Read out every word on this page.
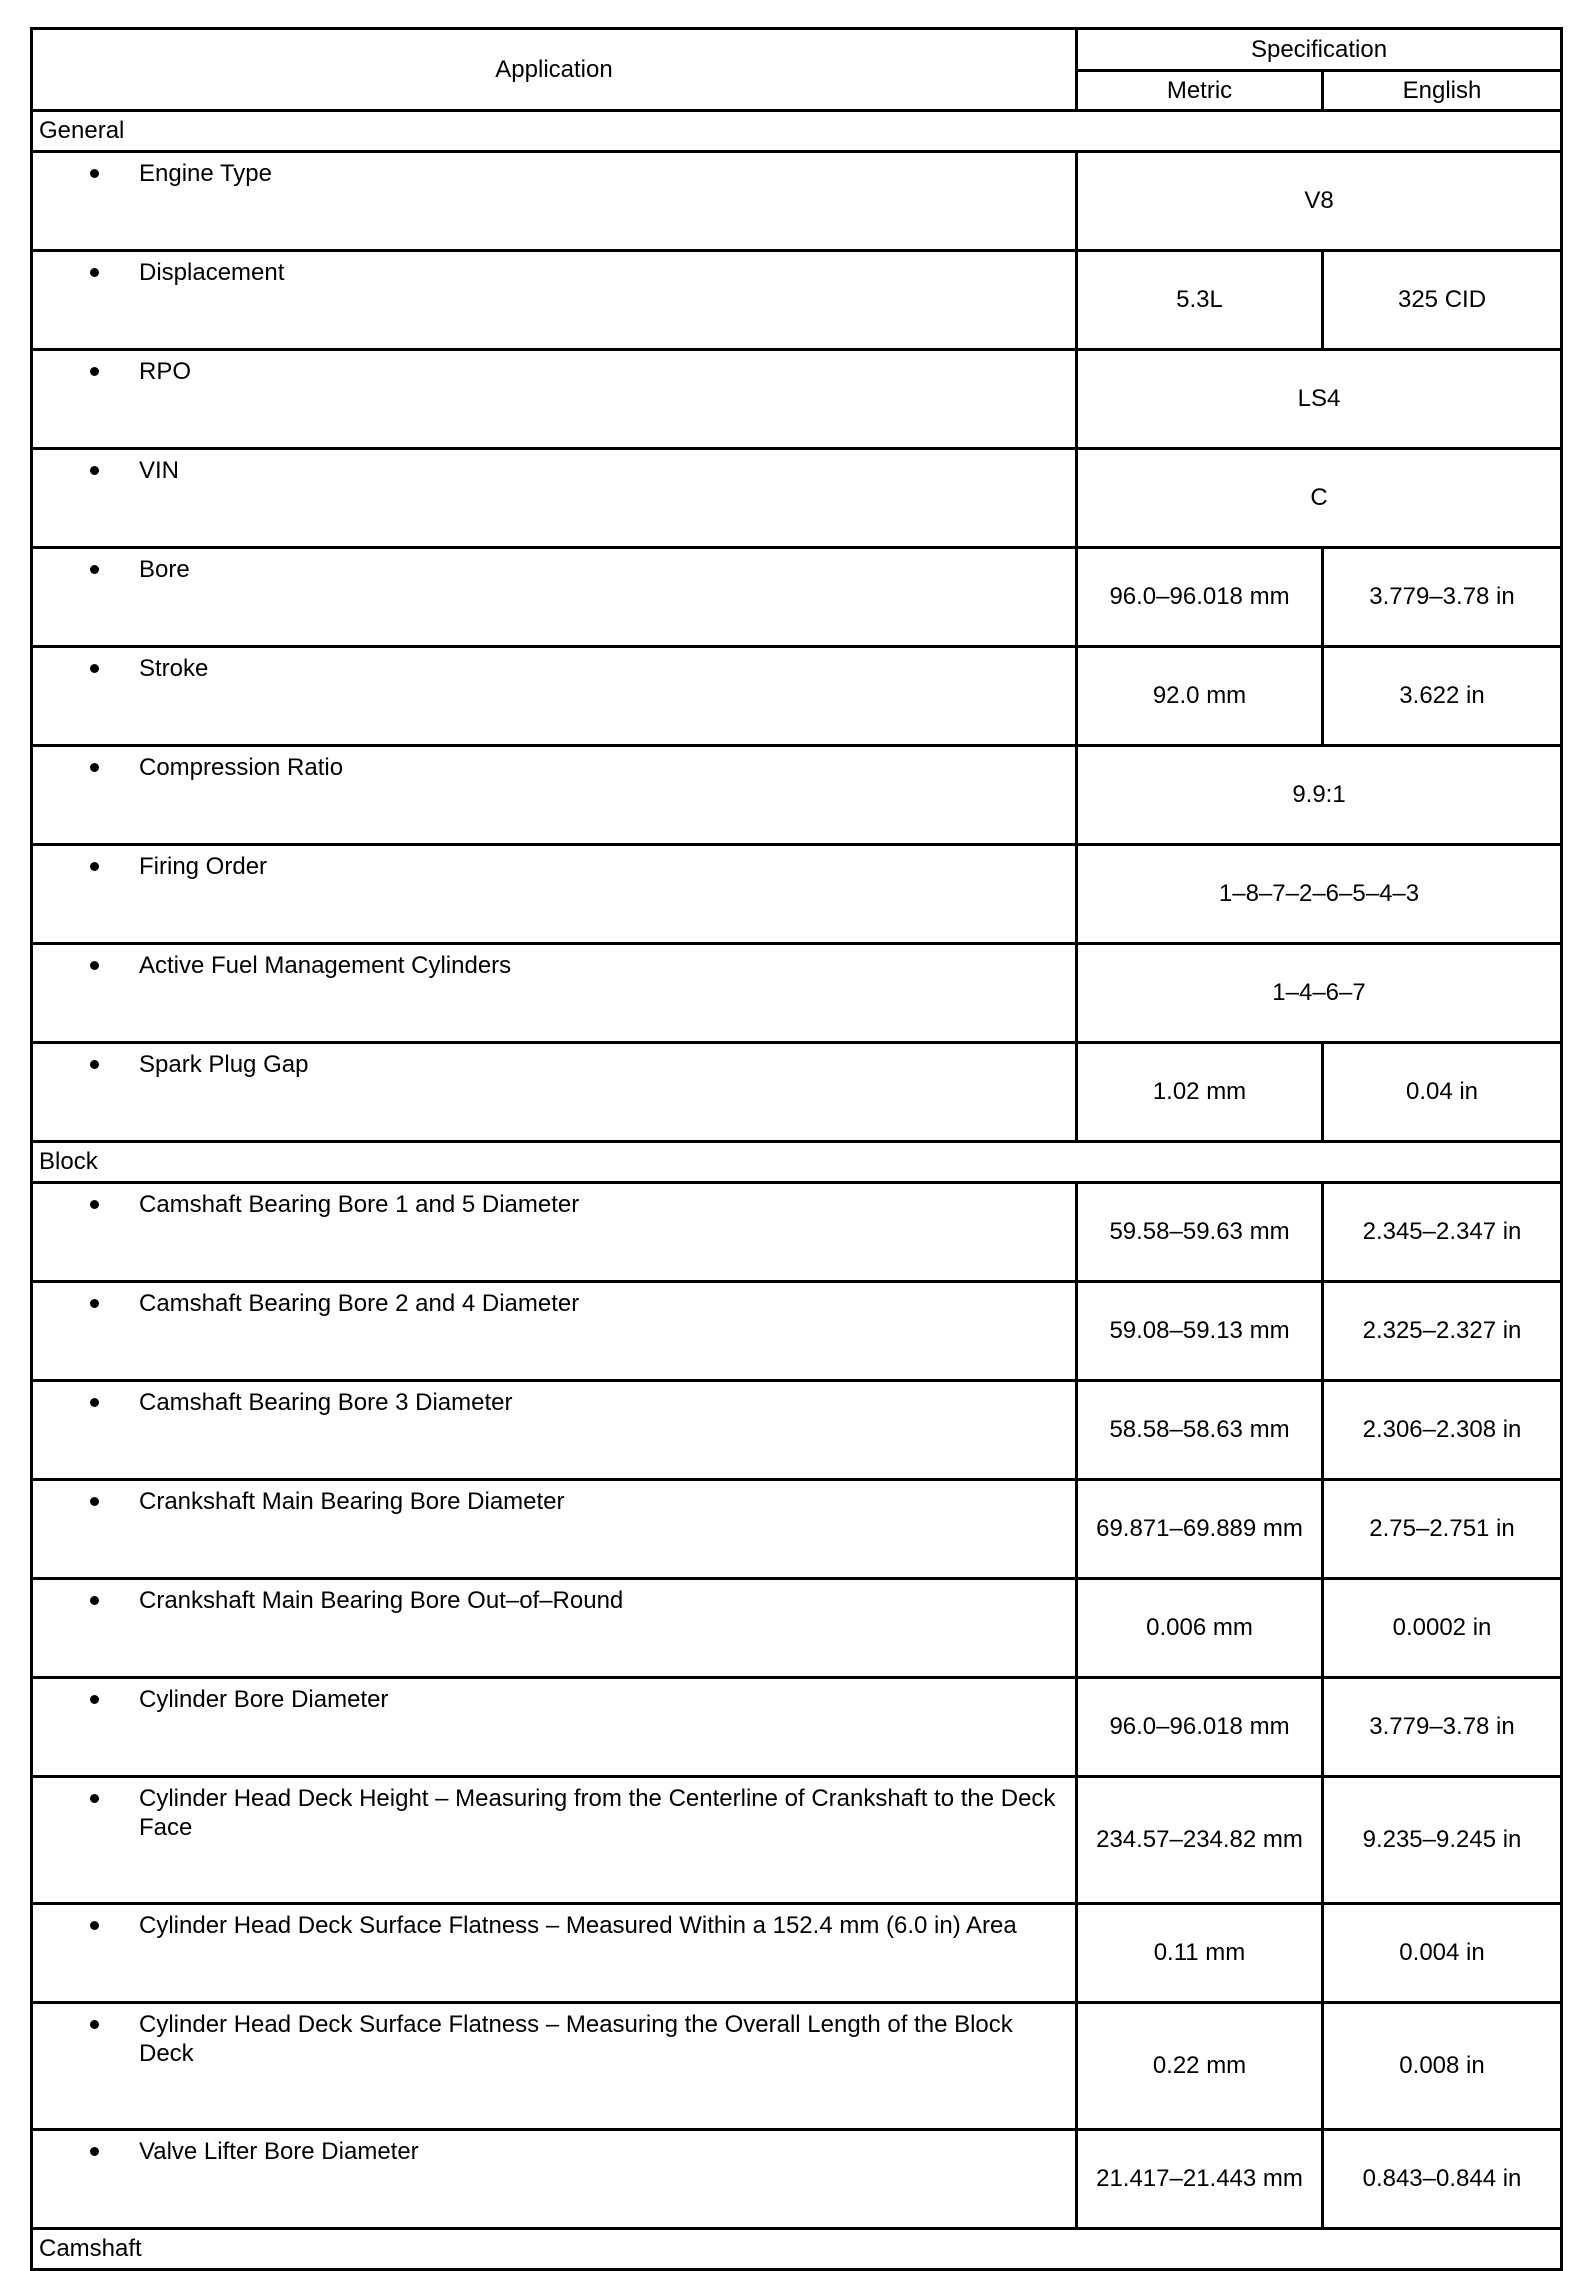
Application	Specification	
	Metric	English
General		

Engine Type	V8	

Displacement	5.3L	325 CID

RPO	LS4	

VIN	C	

Bore	96.0–96.018 mm	3.779–3.78 in

Stroke	92.0 mm	3.622 in

Compression Ratio	9.9:1	

Firing Order	1–8–7–2–6–5–4–3	

Active Fuel Management Cylinders	1–4–6–7	

Spark Plug Gap	1.02 mm	0.04 in
Block		

Camshaft Bearing Bore 1 and 5 Diameter	59.58–59.63 mm	2.345–2.347 in

Camshaft Bearing Bore 2 and 4 Diameter	59.08–59.13 mm	2.325–2.327 in

Camshaft Bearing Bore 3 Diameter	58.58–58.63 mm	2.306–2.308 in

Crankshaft Main Bearing Bore Diameter	69.871–69.889 mm	2.75–2.751 in

Crankshaft Main Bearing Bore Out–of–Round	0.006 mm	0.0002 in

Cylinder Bore Diameter	96.0–96.018 mm	3.779–3.78 in

Cylinder Head Deck Height – Measuring from the Centerline of Crankshaft to the Deck Face	234.57–234.82 mm	9.235–9.245 in

Cylinder Head Deck Surface Flatness – Measured Within a 152.4 mm (6.0 in) Area	0.11 mm	0.004 in

Cylinder Head Deck Surface Flatness – Measuring the Overall Length of the Block Deck	0.22 mm	0.008 in

Valve Lifter Bore Diameter	21.417–21.443 mm	0.843–0.844 in
Camshaft		
